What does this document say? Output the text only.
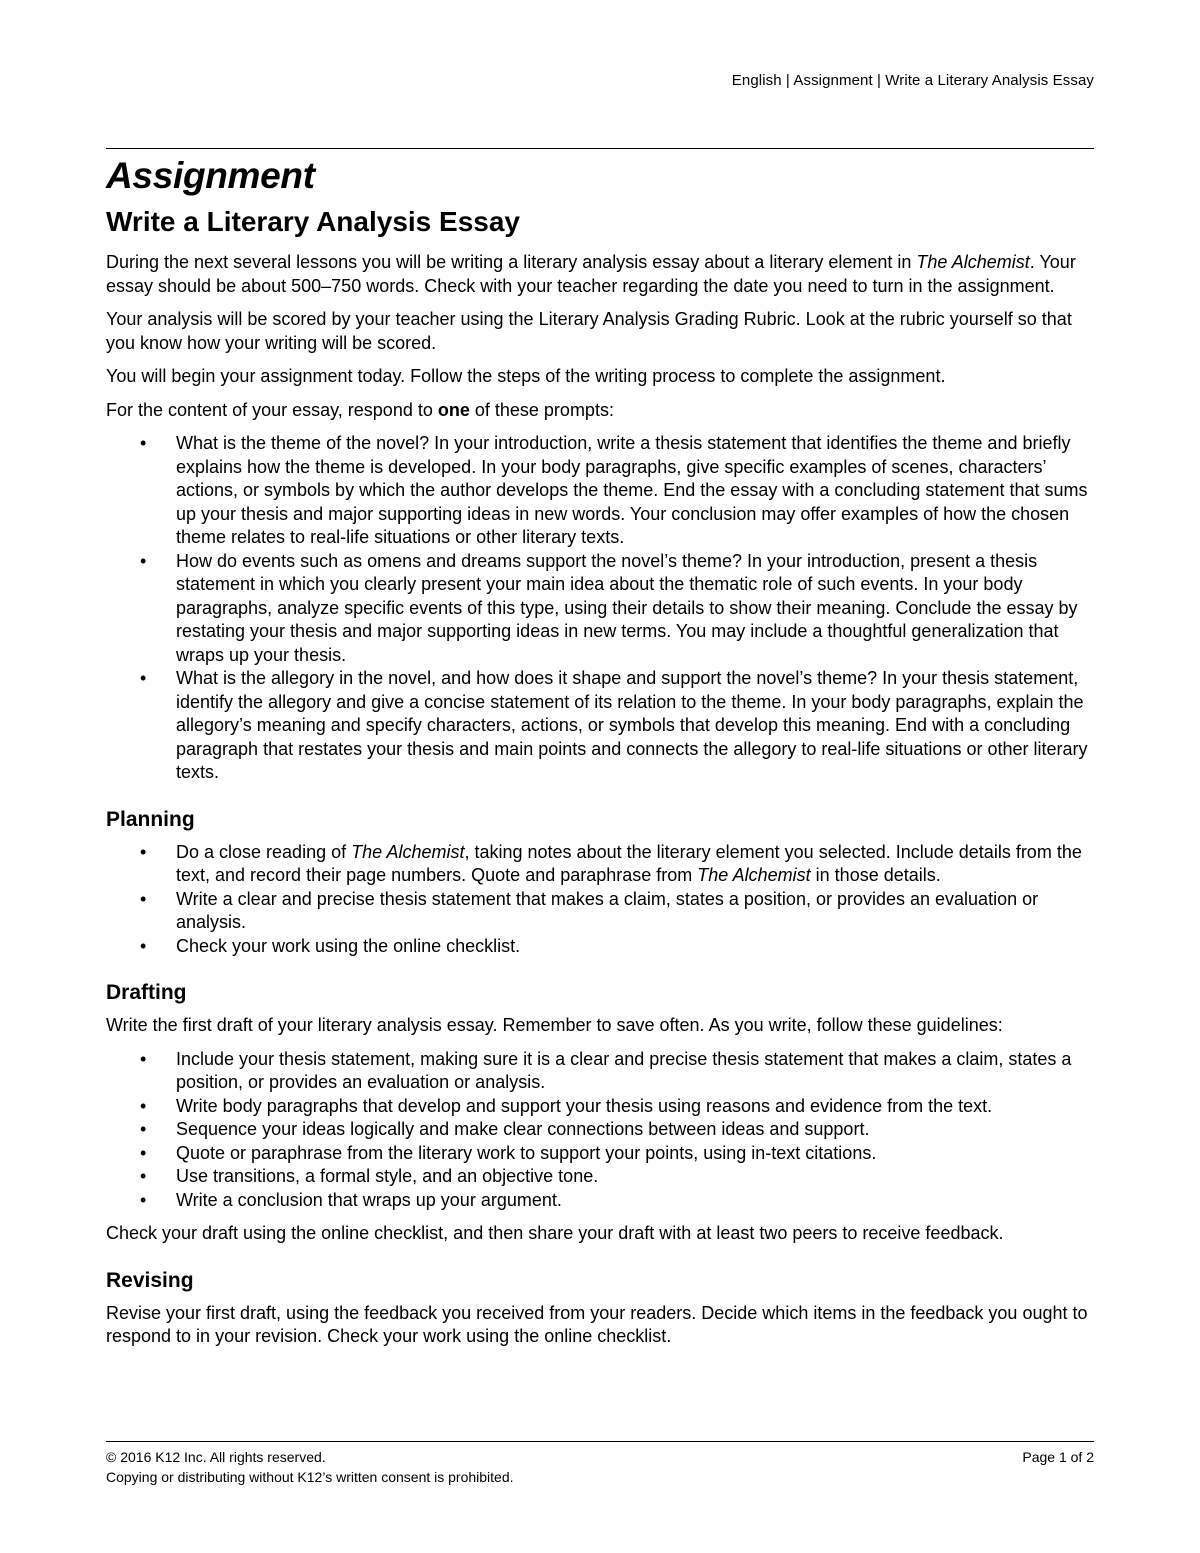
English | Assignment | Write a Literary Analysis Essay
Assignment
Write a Literary Analysis Essay

During the next several lessons you will be writing a literary analysis essay about a literary element in The Alchemist. Your essay should be about 500–750 words. Check with your teacher regarding the date you need to turn in the assignment.

Your analysis will be scored by your teacher using the Literary Analysis Grading Rubric. Look at the rubric yourself so that you know how your writing will be scored.

You will begin your assignment today. Follow the steps of the writing process to complete the assignment.

For the content of your essay, respond to one of these prompts:

• What is the theme of the novel? In your introduction, write a thesis statement that identifies the theme and briefly explains how the theme is developed. In your body paragraphs, give specific examples of scenes, characters’ actions, or symbols by which the author develops the theme. End the essay with a concluding statement that sums up your thesis and major supporting ideas in new words. Your conclusion may offer examples of how the chosen theme relates to real-life situations or other literary texts.
• How do events such as omens and dreams support the novel’s theme? In your introduction, present a thesis statement in which you clearly present your main idea about the thematic role of such events. In your body paragraphs, analyze specific events of this type, using their details to show their meaning. Conclude the essay by restating your thesis and major supporting ideas in new terms. You may include a thoughtful generalization that wraps up your thesis.
• What is the allegory in the novel, and how does it shape and support the novel’s theme? In your thesis statement, identify the allegory and give a concise statement of its relation to the theme. In your body paragraphs, explain the allegory’s meaning and specify characters, actions, or symbols that develop this meaning. End with a concluding paragraph that restates your thesis and main points and connects the allegory to real-life situations or other literary texts.
Planning
• Do a close reading of The Alchemist, taking notes about the literary element you selected. Include details from the text, and record their page numbers. Quote and paraphrase from The Alchemist in those details.
• Write a clear and precise thesis statement that makes a claim, states a position, or provides an evaluation or analysis.
• Check your work using the online checklist.
Drafting

Write the first draft of your literary analysis essay. Remember to save often. As you write, follow these guidelines:

• Include your thesis statement, making sure it is a clear and precise thesis statement that makes a claim, states a position, or provides an evaluation or analysis.
• Write body paragraphs that develop and support your thesis using reasons and evidence from the text.
• Sequence your ideas logically and make clear connections between ideas and support.
• Quote or paraphrase from the literary work to support your points, using in-text citations.
• Use transitions, a formal style, and an objective tone.
• Write a conclusion that wraps up your argument.

Check your draft using the online checklist, and then share your draft with at least two peers to receive feedback.

Revising

Revise your first draft, using the feedback you received from your readers. Decide which items in the feedback you ought to respond to in your revision. Check your work using the online checklist.

© 2016 K12 Inc. All rights reserved.
Copying or distributing without K12’s written consent is prohibited.
Page 1 of 2
